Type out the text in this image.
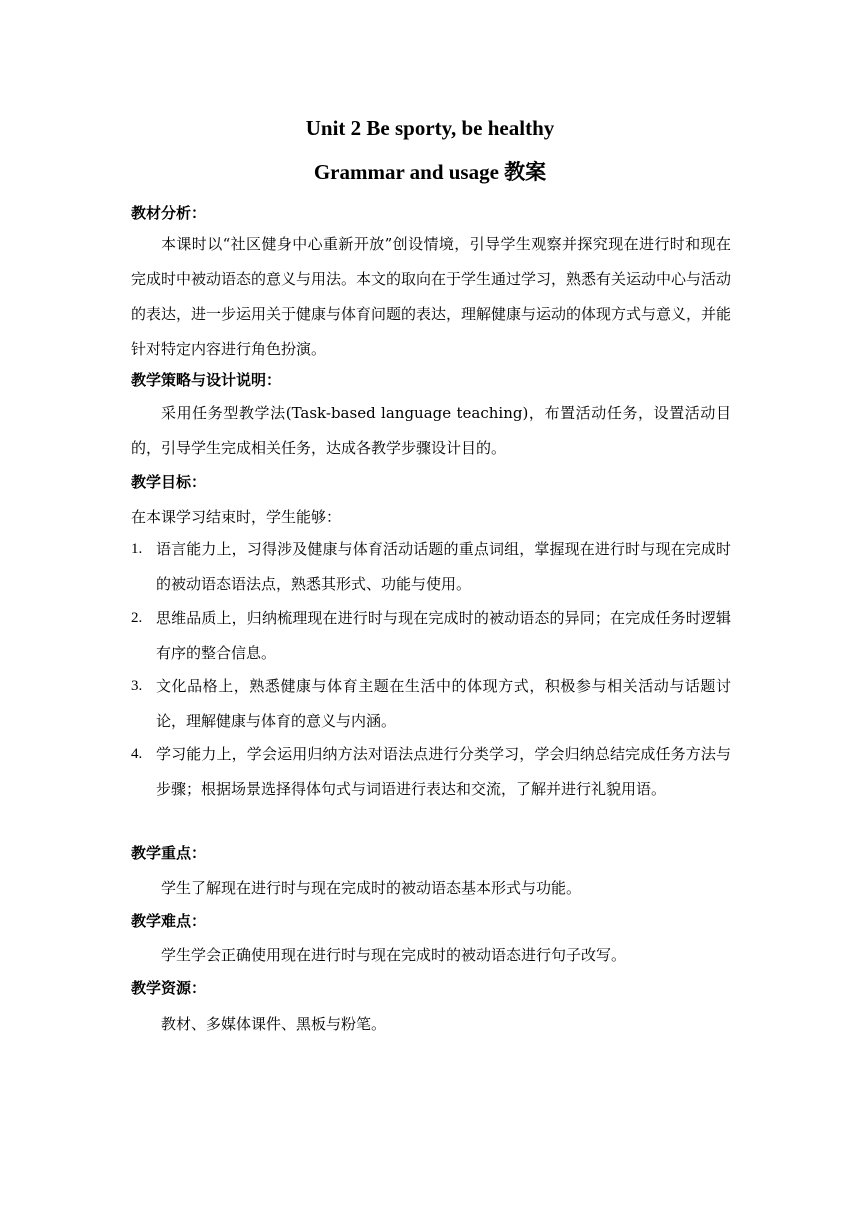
Unit 2 Be sporty, be healthy
Grammar and usage 教案
教材分析：
本课时以“社区健身中心重新开放”创设情境，引导学生观察并探究现在进行时和现在完成时中被动语态的意义与用法。本文的取向在于学生通过学习，熟悉有关运动中心与活动的表达，进一步运用关于健康与体育问题的表达，理解健康与运动的体现方式与意义，并能针对特定内容进行角色扮演。
教学策略与设计说明：
采用任务型教学法(Task-based language teaching)，布置活动任务，设置活动目的，引导学生完成相关任务，达成各教学步骤设计目的。
教学目标：
在本课学习结束时，学生能够：
1. 语言能力上，习得涉及健康与体育活动话题的重点词组，掌握现在进行时与现在完成时的被动语态语法点，熟悉其形式、功能与使用。
2. 思维品质上，归纳梳理现在进行时与现在完成时的被动语态的异同；在完成任务时逻辑有序的整合信息。
3. 文化品格上，熟悉健康与体育主题在生活中的体现方式，积极参与相关活动与话题讨论，理解健康与体育的意义与内涵。
4. 学习能力上，学会运用归纳方法对语法点进行分类学习，学会归纳总结完成任务方法与步骤；根据场景选择得体句式与词语进行表达和交流，了解并进行礼貌用语。
教学重点：
学生了解现在进行时与现在完成时的被动语态基本形式与功能。
教学难点：
学生学会正确使用现在进行时与现在完成时的被动语态进行句子改写。
教学资源：
教材、多媒体课件、黑板与粉笔。
